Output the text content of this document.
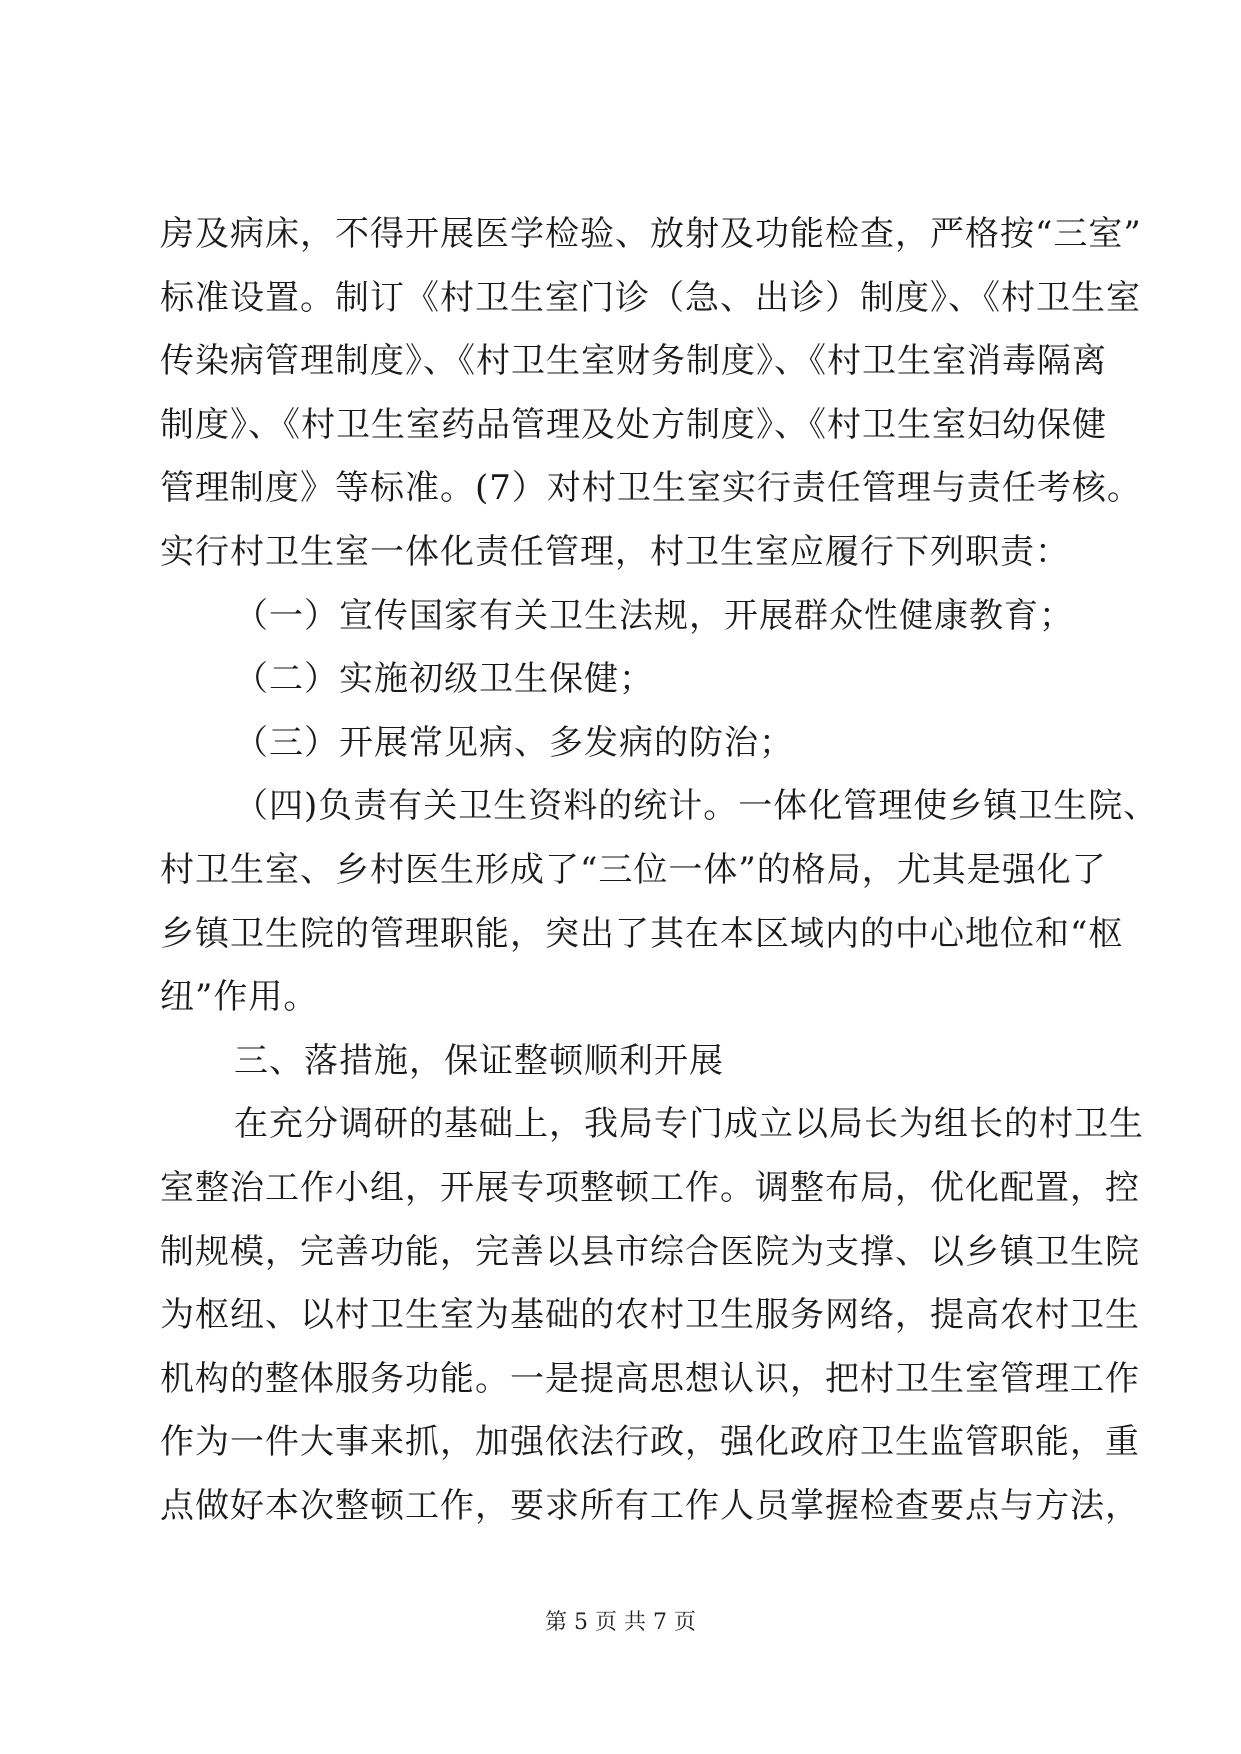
房及病床，不得开展医学检验、放射及功能检查，严格按“三室”
标准设置。制订《村卫生室门诊（急、出诊）制度》、《村卫生室
传染病管理制度》、《村卫生室财务制度》、《村卫生室消毒隔离
制度》、《村卫生室药品管理及处方制度》、《村卫生室妇幼保健
管理制度》等标准。(7）对村卫生室实行责任管理与责任考核。
实行村卫生室一体化责任管理，村卫生室应履行下列职责：
（一）宣传国家有关卫生法规，开展群众性健康教育；
（二）实施初级卫生保健；
（三）开展常见病、多发病的防治；
（四)负责有关卫生资料的统计。一体化管理使乡镇卫生院、
村卫生室、乡村医生形成了“三位一体”的格局，尤其是强化了
乡镇卫生院的管理职能，突出了其在本区域内的中心地位和“枢
纽”作用。
三、落措施，保证整顿顺利开展
在充分调研的基础上，我局专门成立以局长为组长的村卫生
室整治工作小组，开展专项整顿工作。调整布局，优化配置，控
制规模，完善功能，完善以县市综合医院为支撑、以乡镇卫生院
为枢纽、以村卫生室为基础的农村卫生服务网络，提高农村卫生
机构的整体服务功能。一是提高思想认识，把村卫生室管理工作
作为一件大事来抓，加强依法行政，强化政府卫生监管职能，重
点做好本次整顿工作，要求所有工作人员掌握检查要点与方法，
第 5 页 共 7 页
